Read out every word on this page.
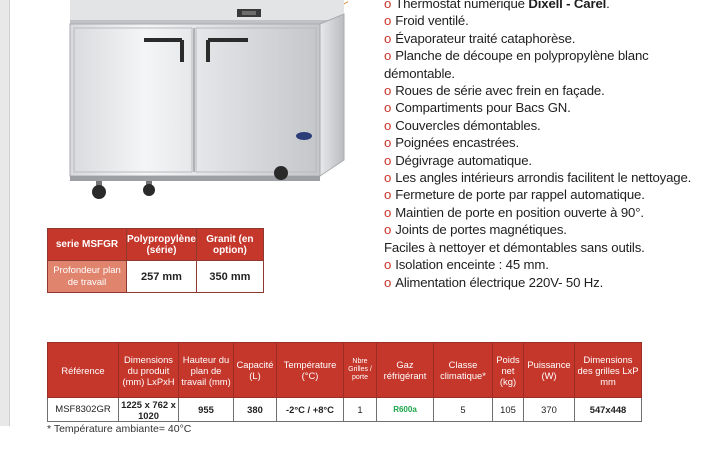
o Thermostat numérique Dixell - Carel.
o Froid ventilé.
o Évaporateur traité cataphorèse.
o Planche de découpe en polypropylène blanc démontable.
o Roues de série avec frein en façade.
o Compartiments pour Bacs GN.
o Couvercles démontables.
o Poignées encastrées.
o Dégivrage automatique.
o Les angles intérieurs arrondis facilitent le nettoyage.
o Fermeture de porte par rappel automatique.
o Maintien de porte en position ouverte à 90°.
o Joints de portes magnétiques.
Faciles à nettoyer et démontables sans outils.
o Isolation enceinte : 45 mm.
o Alimentation électrique 220V- 50 Hz.
serie MSFGR	Polypropylène (série)	Granit (en option)
Profondeur plan de travail	257 mm	350 mm
Référence	Dimensions du produit (mm) LxPxH	Hauteur du plan de travail (mm)	Capacité (L)	Température (°C)	Nbre Grilles / porte	Gaz réfrigérant	Classe climatique*	Poids net (kg)	Puissance (W)	Dimensions des grilles LxP mm
MSF8302GR	1225 x 762 x 1020	955	380	-2°C / +8°C	1	R600a	5	105	370	547x448
* Température ambiante= 40°C
